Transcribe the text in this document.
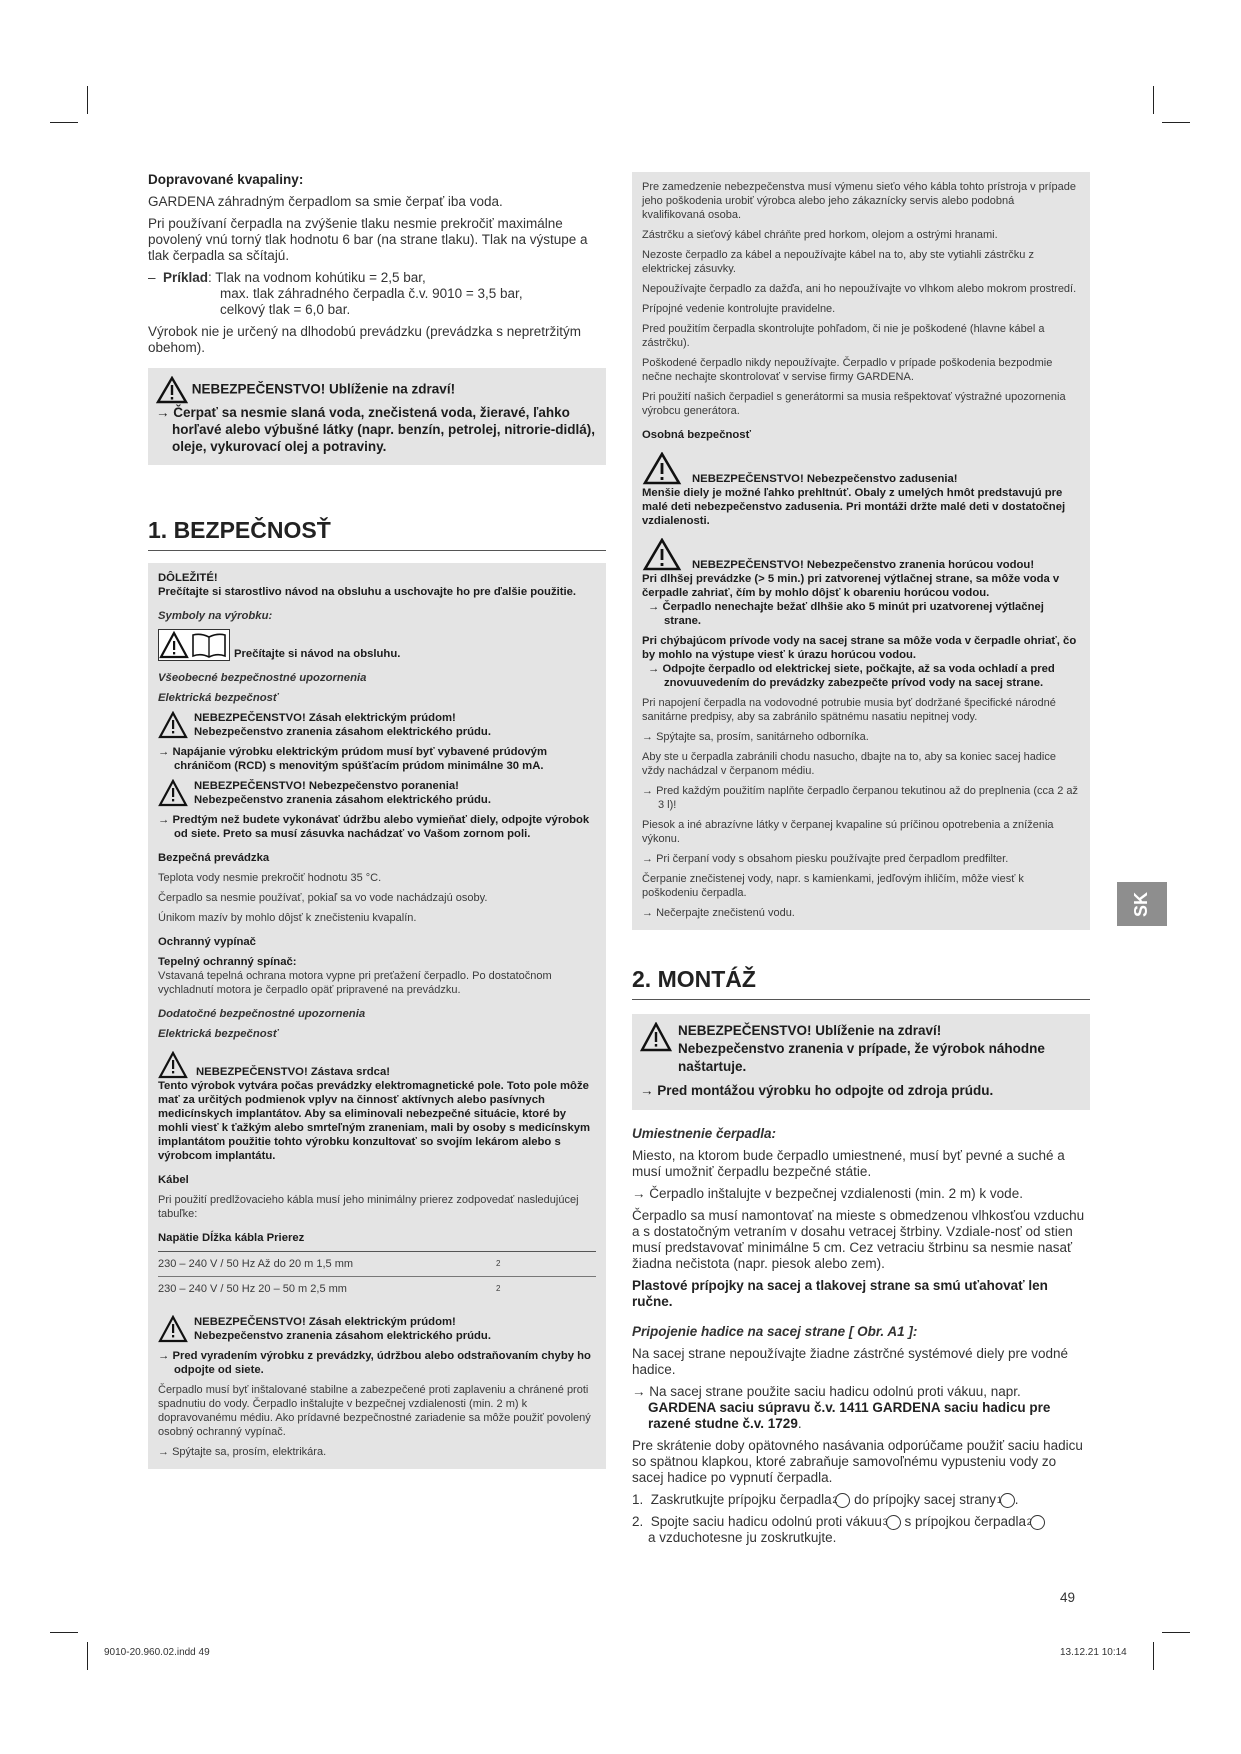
Dopravované kvapaliny:

GARDENA záhradným čerpadlom sa smie čerpať iba voda.

Pri používaní čerpadla na zvýšenie tlaku nesmie prekročiť maximálne povolený vnú torný tlak hodnotu 6 bar (na strane tlaku). Tlak na výstupe a tlak čerpadla sa sčítajú.

–  Príklad: Tlak na vodnom kohútiku = 2,5 bar,
max. tlak záhradného čerpadla č.v. 9010 = 3,5 bar,
celkový tlak = 6,0 bar.

Výrobok nie je určený na dlhodobú prevádzku (prevádzka s nepretržitým obehom).

NEBEZPEČENSTVO! Ublíženie na zdraví!

→ Čerpať sa nesmie slaná voda, znečistená voda, žieravé, ľahko horľavé alebo výbušné látky (napr. benzín, petrolej, nitrorie-didlá), oleje, vykurovací olej a potraviny.

1. BEZPEČNOSŤ

DÔLEŽITÉ!

Prečítajte si starostlivo návod na obsluhu a uschovajte ho pre ďalšie použitie.

Symboly na výrobku:

Prečítajte si návod na obsluhu.

Všeobecné bezpečnostné upozornenia

Elektrická bezpečnosť

NEBEZPEČENSTVO! Zásah elektrickým prúdom!

Nebezpečenstvo zranenia zásahom elektrického prúdu.

→ Napájanie výrobku elektrickým prúdom musí byť vybavené prúdovým chráničom (RCD) s menovitým spúšťacím prúdom minimálne 30 mA.

NEBEZPEČENSTVO! Nebezpečenstvo poranenia!

Nebezpečenstvo zranenia zásahom elektrického prúdu.

→ Predtým než budete vykonávať údržbu alebo vymieňať diely, odpojte výrobok od siete. Preto sa musí zásuvka nachádzať vo Vašom zornom poli.

Bezpečná prevádzka

Teplota vody nesmie prekročiť hodnotu 35 °C.

Čerpadlo sa nesmie používať, pokiaľ sa vo vode nachádzajú osoby.

Únikom mazív by mohlo dôjsť k znečisteniu kvapalín.

Ochranný vypínač

Tepelný ochranný spínač:

Vstavaná tepelná ochrana motora vypne pri preťažení čerpadlo. Po dostatočnom vychladnutí motora je čerpadlo opäť pripravené na prevádzku.

Dodatočné bezpečnostné upozornenia

Elektrická bezpečnosť

NEBEZPEČENSTVO! Zástava srdca!

Tento výrobok vytvára počas prevádzky elektromagnetické pole. Toto pole môže mať za určitých podmienok vplyv na činnosť aktívnych alebo pasívnych medicínskych implantátov. Aby sa eliminovali nebezpečné situácie, ktoré by mohli viesť k ťažkým alebo smrteľným zraneniam, mali by osoby s medicínskym implantátom použitie tohto výrobku konzultovať so svojím lekárom alebo s výrobcom implantátu.

Kábel

Pri použití predlžovacieho kábla musí jeho minimálny prierez zodpovedať nasledujúcej tabuľke:

Napätie Dĺžka kábla Prierez

230 – 240 V / 50 Hz Až do 20 m 1,5 mm	2
230 – 240 V / 50 Hz 20 – 50 m 2,5 mm	2

NEBEZPEČENSTVO! Zásah elektrickým prúdom!

Nebezpečenstvo zranenia zásahom elektrického prúdu.

→ Pred vyradením výrobku z prevádzky, údržbou alebo odstraňovaním chyby ho odpojte od siete.

Čerpadlo musí byť inštalované stabilne a zabezpečené proti zaplaveniu a chránené proti spadnutiu do vody. Čerpadlo inštalujte v bezpečnej vzdialenosti (min. 2 m) k dopravovanému médiu. Ako prídavné bezpečnostné zariadenie sa môže použiť povolený osobný ochranný vypínač.

→ Spýtajte sa, prosím, elektrikára.

Pre zamedzenie nebezpečenstva musí výmenu sieťo vého kábla tohto prístroja v prípade jeho poškodenia urobiť výrobca alebo jeho zákaznícky servis alebo podobná kvalifikovaná osoba.

Zástrčku a sieťový kábel chráňte pred horkom, olejom a ostrými hranami.

Nezoste čerpadlo za kábel a nepoužívajte kábel na to, aby ste vytiahli zástrčku z elektrickej zásuvky.

Nepoužívajte čerpadlo za dažďa, ani ho nepoužívajte vo vlhkom alebo mokrom prostredí.

Prípojné vedenie kontrolujte pravidelne.

Pred použitím čerpadla skontrolujte pohľadom, či nie je poškodené (hlavne kábel a zástrčku).

Poškodené čerpadlo nikdy nepoužívajte. Čerpadlo v prípade poškodenia bezpodmie nečne nechajte skontrolovať v servise firmy GARDENA.

Pri použití našich čerpadiel s generátormi sa musia rešpektovať výstražné upozornenia výrobcu generátora.

Osobná bezpečnosť

NEBEZPEČENSTVO! Nebezpečenstvo zadusenia!

Menšie diely je možné ľahko prehltnúť. Obaly z umelých hmôt predstavujú pre malé deti nebezpečenstvo zadusenia. Pri montáži držte malé deti v dostatočnej vzdialenosti.

NEBEZPEČENSTVO! Nebezpečenstvo zranenia horúcou vodou!

Pri dlhšej prevádzke (> 5 min.) pri zatvorenej výtlačnej strane, sa môže voda v čerpadle zahriať, čím by mohlo dôjsť k obareniu horúcou vodou.

→ Čerpadlo nenechajte bežať dlhšie ako 5 minút pri uzatvorenej výtlačnej strane.

Pri chýbajúcom prívode vody na sacej strane sa môže voda v čerpadle ohriať, čo by mohlo na výstupe viesť k úrazu horúcou vodou.

→ Odpojte čerpadlo od elektrickej siete, počkajte, až sa voda ochladí a pred znovuuvedením do prevádzky zabezpečte prívod vody na sacej strane.

Pri napojení čerpadla na vodovodné potrubie musia byť dodržané špecifické národné sanitárne predpisy, aby sa zabránilo spätnému nasatiu nepitnej vody.

→ Spýtajte sa, prosím, sanitárneho odborníka.

Aby ste u čerpadla zabránili chodu nasucho, dbajte na to, aby sa koniec sacej hadice vždy nachádzal v čerpanom médiu.

→ Pred každým použitím naplňte čerpadlo čerpanou tekutinou až do preplnenia (cca 2 až 3 l)!

Piesok a iné abrazívne látky v čerpanej kvapaline sú príčinou opotrebenia a zníženia výkonu.

→ Pri čerpaní vody s obsahom piesku používajte pred čerpadlom predfilter.

Čerpanie znečistenej vody, napr. s kamienkami, jedľovým ihličím, môže viesť k poškodeniu čerpadla.

→ Nečerpajte znečistenú vodu.

2. MONTÁŽ

NEBEZPEČENSTVO! Ublíženie na zdraví!

Nebezpečenstvo zranenia v prípade, že výrobok náhodne naštartuje.

→ Pred montážou výrobku ho odpojte od zdroja prúdu.

Umiestnenie čerpadla:

Miesto, na ktorom bude čerpadlo umiestnené, musí byť pevné a suché a musí umožniť čerpadlu bezpečné státie.

→ Čerpadlo inštalujte v bezpečnej vzdialenosti (min. 2 m) k vode.

Čerpadlo sa musí namontovať na mieste s obmedzenou vlhkosťou vzduchu a s dostatočným vetraním v dosahu vetracej štrbiny. Vzdiale-nosť od stien musí predstavovať minimálne 5 cm. Cez vetraciu štrbinu sa nesmie nasať žiadna nečistota (napr. piesok alebo zem).

Plastové prípojky na sacej a tlakovej strane sa smú uťahovať len ručne.

Pripojenie hadice na sacej strane [ Obr. A1 ]:

Na sacej strane nepoužívajte žiadne zástrčné systémové diely pre vodné hadice.

→ Na sacej strane použite saciu hadicu odolnú proti vákuu, napr. GARDENA saciu súpravu č.v. 1411 GARDENA saciu hadicu pre razené studne č.v. 1729.

Pre skrátenie doby opätovného nasávania odporúčame použiť saciu hadicu so spätnou klapkou, ktoré zabraňuje samovoľnému vypusteniu vody zo sacej hadice po vypnutí čerpadla.

1.  Zaskrutkujte prípojku čerpadla 2 do prípojky sacej strany 1 .

2.  Spojte saciu hadicu odolnú proti vákuu 3 s prípojkou čerpadla 2
a vzduchotesne ju zoskrutkujte.

SK
49
9010-20.960.02.indd 49	13.12.21 10:14
